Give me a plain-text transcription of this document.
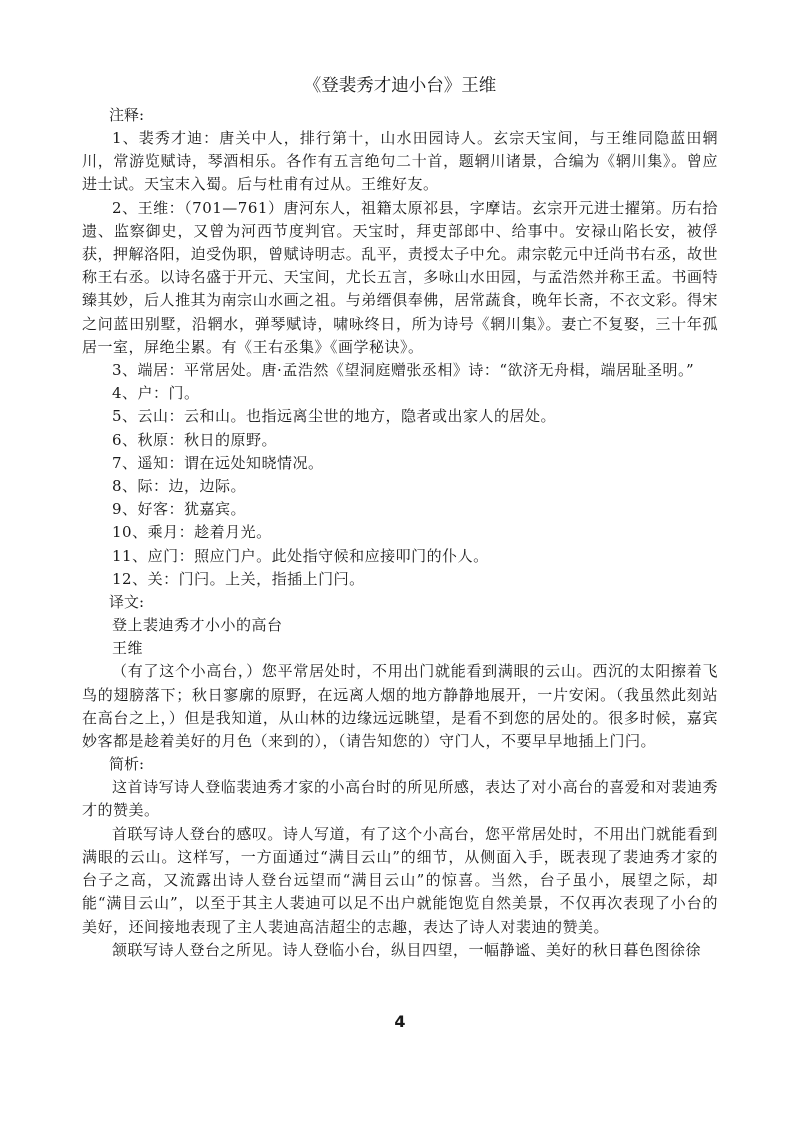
《登裴秀才迪小台》王维

注释:

1、裴秀才迪：唐关中人，排行第十，山水田园诗人。玄宗天宝间，与王维同隐蓝田辋川，常游览赋诗，琴酒相乐。各作有五言绝句二十首，题辋川诸景，合编为《辋川集》。曾应进士试。天宝末入蜀。后与杜甫有过从。王维好友。

2、王维：（701—761）唐河东人，祖籍太原祁县，字摩诘。玄宗开元进士擢第。历右拾遗、监察御史，又曾为河西节度判官。天宝时，拜吏部郎中、给事中。安禄山陷长安，被俘获，押解洛阳，迫受伪职，曾赋诗明志。乱平，责授太子中允。肃宗乾元中迁尚书右丞，故世称王右丞。以诗名盛于开元、天宝间，尤长五言，多咏山水田园，与孟浩然并称王孟。书画特臻其妙，后人推其为南宗山水画之祖。与弟缙俱奉佛，居常蔬食，晚年长斋，不衣文彩。得宋之问蓝田别墅，沿辋水，弹琴赋诗，啸咏终日，所为诗号《辋川集》。妻亡不复娶，三十年孤居一室，屏绝尘累。有《王右丞集》《画学秘诀》。

3、端居：平常居处。唐·孟浩然《望洞庭赠张丞相》诗：“欲济无舟楫，端居耻圣明。”

4、户：门。

5、云山：云和山。也指远离尘世的地方，隐者或出家人的居处。

6、秋原：秋日的原野。

7、遥知：谓在远处知晓情况。

8、际：边，边际。

9、好客：犹嘉宾。

10、乘月：趁着月光。

11、应门：照应门户。此处指守候和应接叩门的仆人。

12、关：门闩。上关，指插上门闩。

译文:

登上裴迪秀才小小的高台

王维

（有了这个小高台，）您平常居处时，不用出门就能看到满眼的云山。西沉的太阳擦着飞鸟的翅膀落下；秋日寥廓的原野，在远离人烟的地方静静地展开，一片安闲。（我虽然此刻站在高台之上，）但是我知道，从山林的边缘远远眺望，是看不到您的居处的。很多时候，嘉宾妙客都是趁着美好的月色（来到的），（请告知您的）守门人，不要早早地插上门闩。

简析:

这首诗写诗人登临裴迪秀才家的小高台时的所见所感，表达了对小高台的喜爱和对裴迪秀才的赞美。

首联写诗人登台的感叹。诗人写道，有了这个小高台，您平常居处时，不用出门就能看到满眼的云山。这样写，一方面通过“满目云山”的细节，从侧面入手，既表现了裴迪秀才家的台子之高，又流露出诗人登台远望而“满目云山”的惊喜。当然，台子虽小，展望之际，却能“满目云山”，以至于其主人裴迪可以足不出户就能饱览自然美景，不仅再次表现了小台的美好，还间接地表现了主人裴迪高洁超尘的志趣，表达了诗人对裴迪的赞美。

颔联写诗人登台之所见。诗人登临小台，纵目四望，一幅静谧、美好的秋日暮色图徐徐

4
